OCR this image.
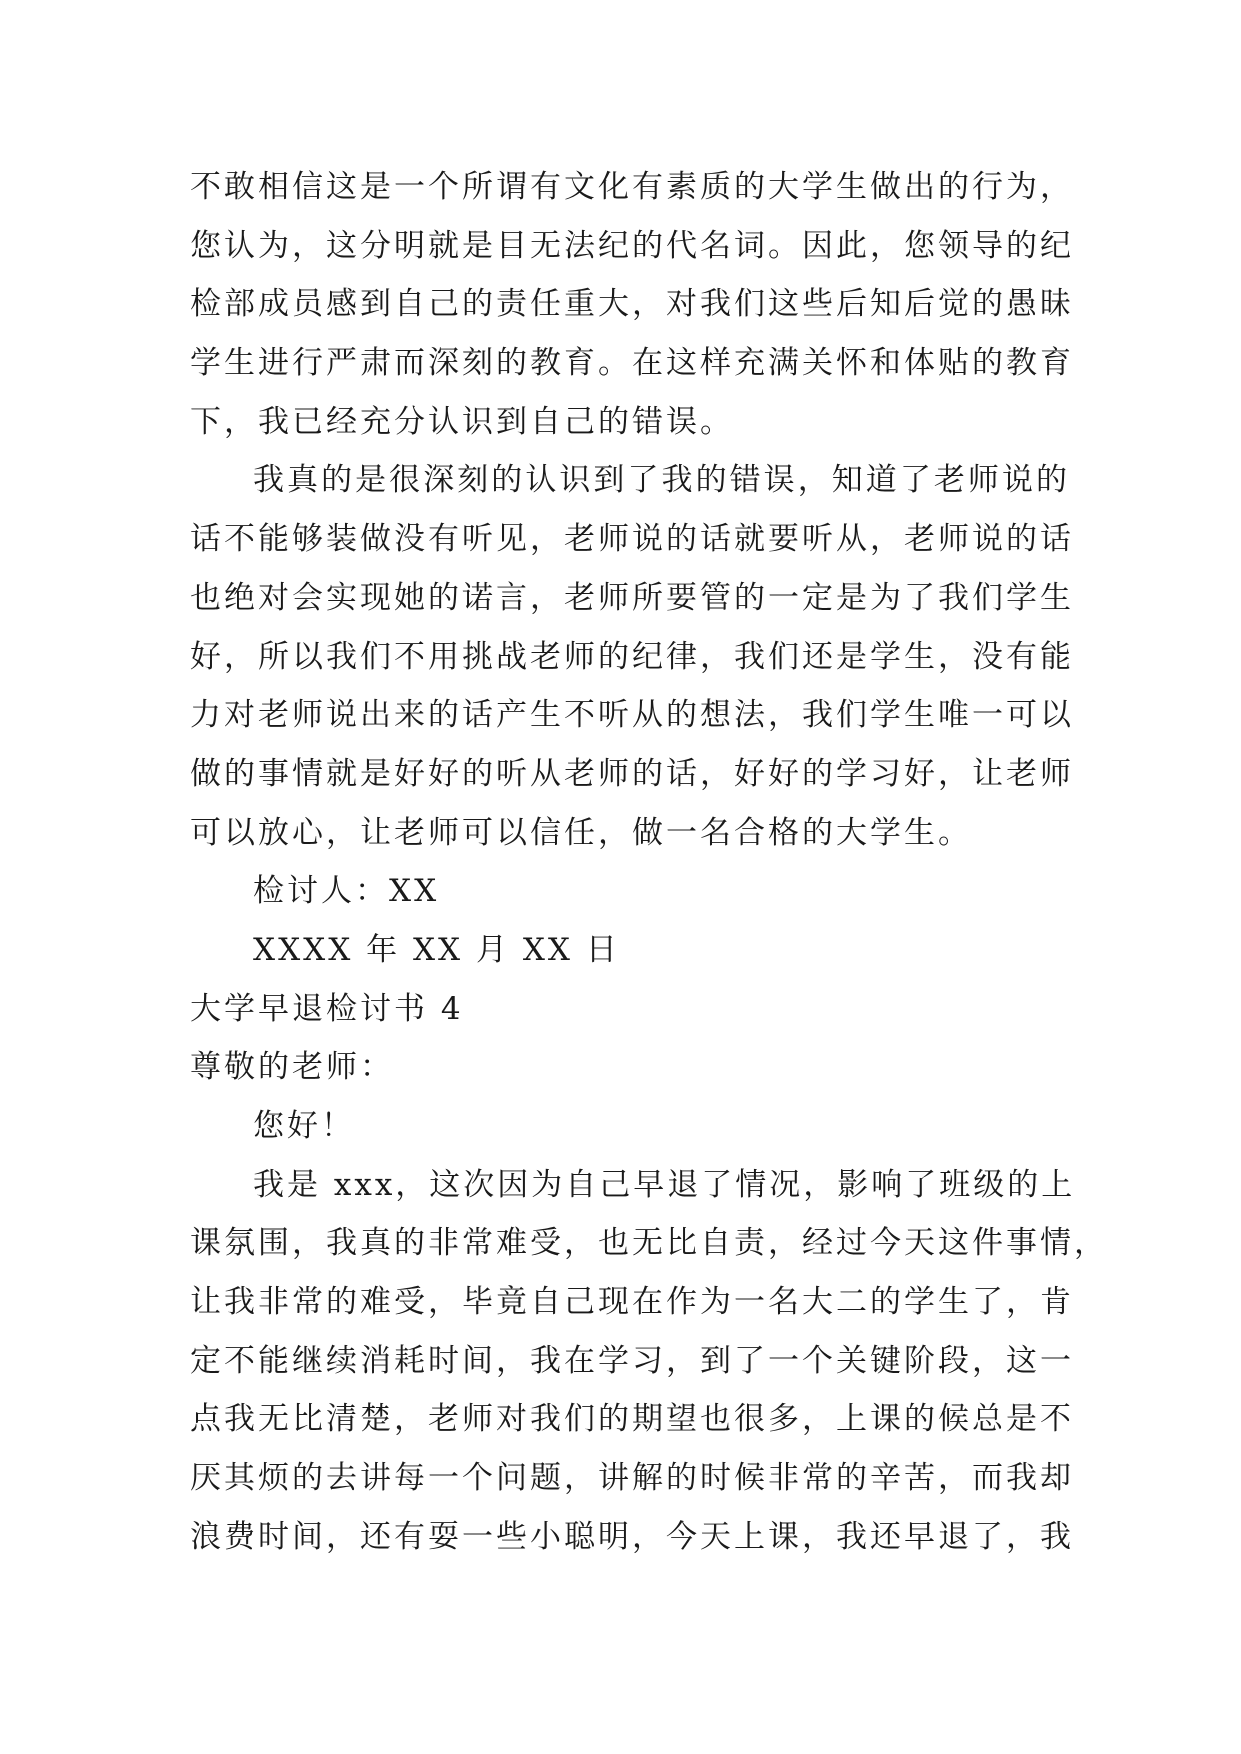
不敢相信这是一个所谓有文化有素质的大学生做出的行为，
您认为，这分明就是目无法纪的代名词。因此，您领导的纪
检部成员感到自己的责任重大，对我们这些后知后觉的愚昧
学生进行严肃而深刻的教育。在这样充满关怀和体贴的教育
下，我已经充分认识到自己的错误。
我真的是很深刻的认识到了我的错误，知道了老师说的
话不能够装做没有听见，老师说的话就要听从，老师说的话
也绝对会实现她的诺言，老师所要管的一定是为了我们学生
好，所以我们不用挑战老师的纪律，我们还是学生，没有能
力对老师说出来的话产生不听从的想法，我们学生唯一可以
做的事情就是好好的听从老师的话，好好的学习好，让老师
可以放心，让老师可以信任，做一名合格的大学生。
检讨人：XX
XXXX 年 XX 月 XX 日
大学早退检讨书 4
尊敬的老师：
您好！
我是 xxx，这次因为自己早退了情况，影响了班级的上
课氛围，我真的非常难受，也无比自责，经过今天这件事情，
让我非常的难受，毕竟自己现在作为一名大二的学生了，肯
定不能继续消耗时间，我在学习，到了一个关键阶段，这一
点我无比清楚，老师对我们的期望也很多，上课的候总是不
厌其烦的去讲每一个问题，讲解的时候非常的辛苦，而我却
浪费时间，还有耍一些小聪明，今天上课，我还早退了，我
